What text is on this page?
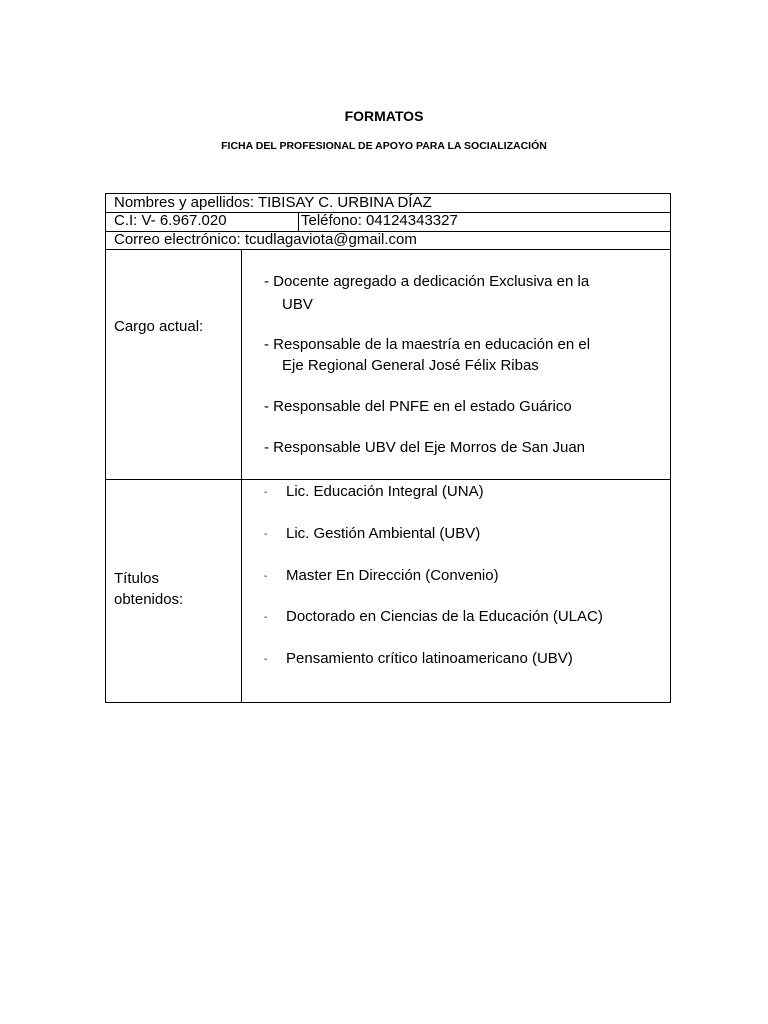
FORMATOS
FICHA DEL PROFESIONAL DE APOYO PARA LA SOCIALIZACIÓN
Nombres y apellidos: TIBISAY C. URBINA DÍAZ
C.I: V- 6.967.020	Teléfono: 04124343327
Correo electrónico: tcudlagaviota@gmail.com
Cargo actual:
- Docente agregado a dedicación Exclusiva en la
UBV
- Responsable de la maestría en educación en el
Eje Regional General José Félix Ribas
- Responsable del PNFE en el estado Guárico
- Responsable UBV del Eje Morros de San Juan
Títulos
obtenidos:
- Lic. Educación Integral (UNA)
- Lic. Gestión Ambiental (UBV)
- Master En Dirección (Convenio)
- Doctorado en Ciencias de la Educación (ULAC)
- Pensamiento crítico latinoamericano (UBV)
